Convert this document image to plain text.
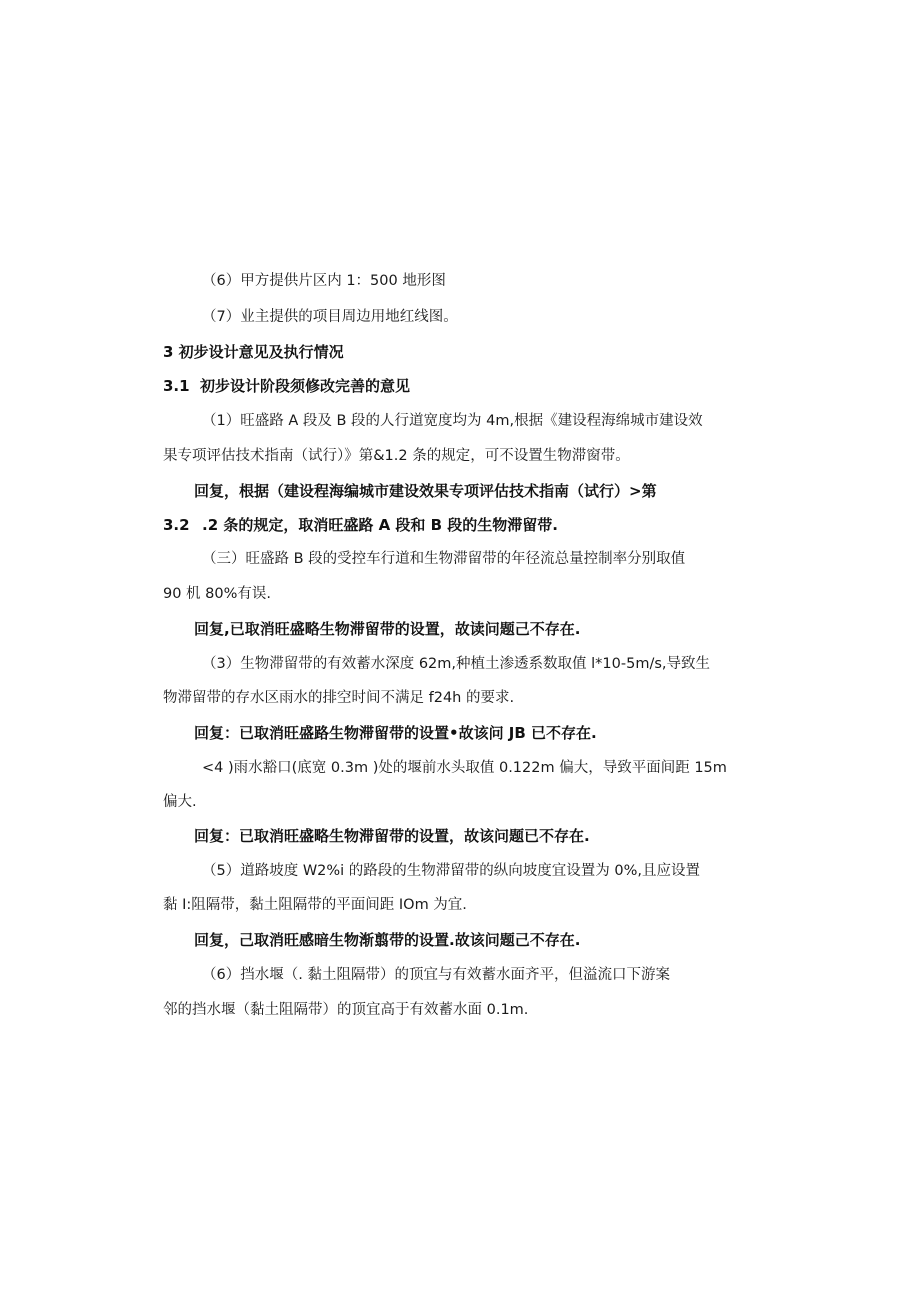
（6）甲方提供片区内 1：500 地形图
（7）业主提供的项目周边用地红线图。
3 初步设计意见及执行情况
3.1 初步设计阶段须修改完善的意见
（1）旺盛路 A 段及 B 段的人行道宽度均为 4m,根据《建设程海绵城市建设效
果专项评估技术指南（试行）》第&1.2 条的规定，可不设置生物滞窗带。
回复，根据（建设程海编城市建设效果专项评估技术指南（试行）>第
3.2 .2 条的规定，取消旺盛路 A 段和 B 段的生物滞留带.
（三）旺盛路 B 段的受控车行道和生物滞留带的年径流总量控制率分别取值
90 机 80%有误.
回复,已取消旺盛略生物滞留带的设置，故读问题己不存在.
（3）生物滞留带的有效蓄水深度 62m,种植土渗透系数取值 l*10-5m/s,导致生
物滞留带的存水区雨水的排空时间不满足 f24h 的要求.
回复：已取消旺盛路生物滞留带的设置•故该问 JB 已不存在.
<4 )雨水豁口(底宽 0.3m )处的堰前水头取值 0.122m 偏大，导致平面间距 15m
偏大.
回复：已取消旺盛略生物滞留带的设置，故该问题已不存在.
（5）道路坡度 W2%i 的路段的生物滞留带的纵向坡度宜设置为 0%,且应设置
黏 I:阻隔带，黏土阻隔带的平面间距 IOm 为宜.
回复，己取消旺感暗生物渐翦带的设置.故该问题己不存在.
（6）挡水堰（. 黏土阻隔带）的顶宜与有效蓄水面齐平，但溢流口下游案
邻的挡水堰（黏土阻隔带）的顶宜高于有效蓄水面 0.1m.
